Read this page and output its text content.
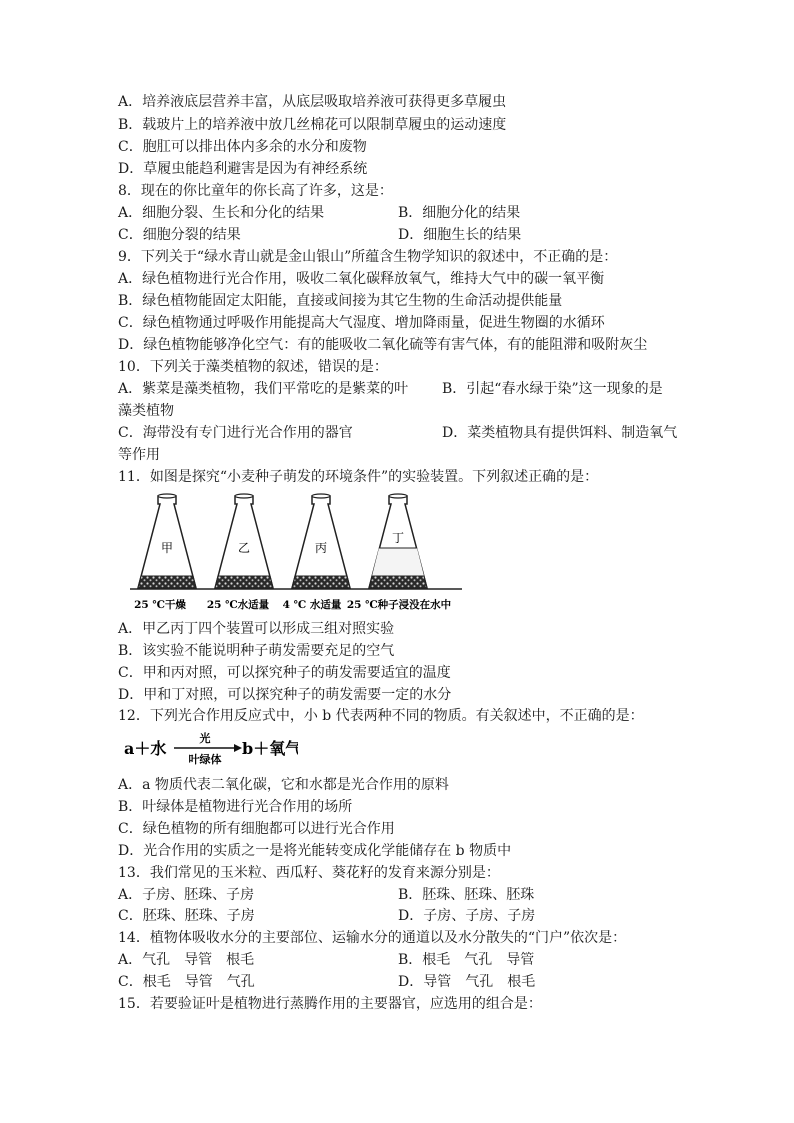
A．培养液底层营养丰富，从底层吸取培养液可获得更多草履虫
B．载玻片上的培养液中放几丝棉花可以限制草履虫的运动速度
C．胞肛可以排出体内多余的水分和废物
D．草履虫能趋利避害是因为有神经系统
8．现在的你比童年的你长高了许多，这是：
A．细胞分裂、生长和分化的结果	B．细胞分化的结果
C．细胞分裂的结果	D．细胞生长的结果
9．下列关于“绿水青山就是金山银山”所蕴含生物学知识的叙述中，不正确的是：
A．绿色植物进行光合作用，吸收二氧化碳释放氧气，维持大气中的碳一氧平衡
B．绿色植物能固定太阳能，直接或间接为其它生物的生命活动提供能量
C．绿色植物通过呼吸作用能提高大气湿度、增加降雨量，促进生物圈的水循环
D．绿色植物能够净化空气：有的能吸收二氧化硫等有害气体，有的能阻滞和吸附灰尘
10．下列关于藻类植物的叙述，错误的是：
A．紫菜是藻类植物，我们平常吃的是紫菜的叶 B．引起“春水绿于染”这一现象的是
藻类植物
C．海带没有专门进行光合作用的器官	D．菜类植物具有提供饵料、制造氧气
等作用
11．如图是探究“小麦种子萌发的环境条件”的实验装置。下列叙述正确的是：
甲	乙	丙
丁
25 ℃干燥 25 ℃水适量 4 ℃ 水适量 25 ℃种子浸没在水中
A．甲乙丙丁四个装置可以形成三组对照实验
B．该实验不能说明种子萌发需要充足的空气
C．甲和丙对照，可以探究种子的萌发需要适宜的温度
D．甲和丁对照，可以探究种子的萌发需要一定的水分
12．下列光合作用反应式中，小 b 代表两种不同的物质。有关叙述中，不正确的是：
a＋水
光
叶绿体
b＋氧气
A．a 物质代表二氧化碳，它和水都是光合作用的原料
B．叶绿体是植物进行光合作用的场所
C．绿色植物的所有细胞都可以进行光合作用
D．光合作用的实质之一是将光能转变成化学能储存在 b 物质中
13．我们常见的玉米粒、西瓜籽、葵花籽的发育来源分别是：
A．子房、胚珠、子房	B．胚珠、胚珠、胚珠
C．胚珠、胚珠、子房	D．子房、子房、子房
14．植物体吸收水分的主要部位、运输水分的通道以及水分散失的“门户”依次是：
A．气孔　导管　根毛	B．根毛　气孔　导管
C．根毛　导管　气孔	D．导管　气孔　根毛
15．若要验证叶是植物进行蒸腾作用的主要器官，应选用的组合是：
